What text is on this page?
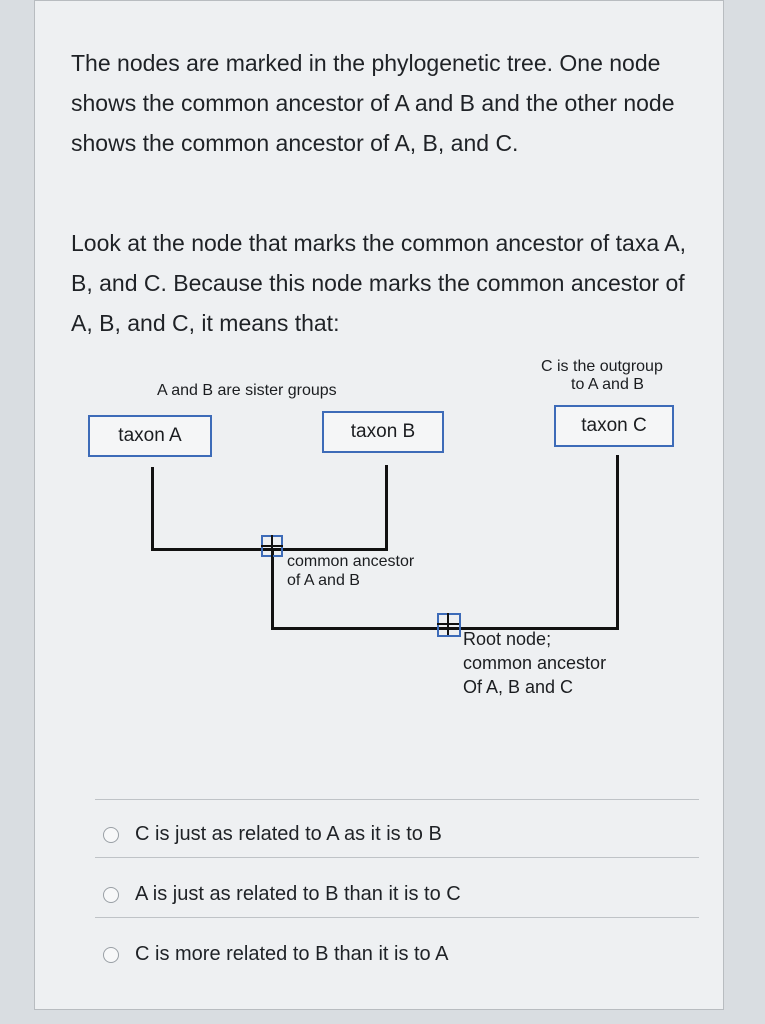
The nodes are marked in the phylogenetic tree. One node shows the common ancestor of A and B and the other node shows the common ancestor of A, B, and C.

Look at the node that marks the common ancestor of taxa A, B, and C. Because this node marks the common ancestor of A, B, and C, it means that:

A and B are sister groups
C is the outgroup
to A and B
taxon A	taxon B	taxon C
common ancestor
of A and B
Root node;
common ancestor
Of A, B and C
C is just as related to A as it is to B
A is just as related to B than it is to C
C is more related to B than it is to A
